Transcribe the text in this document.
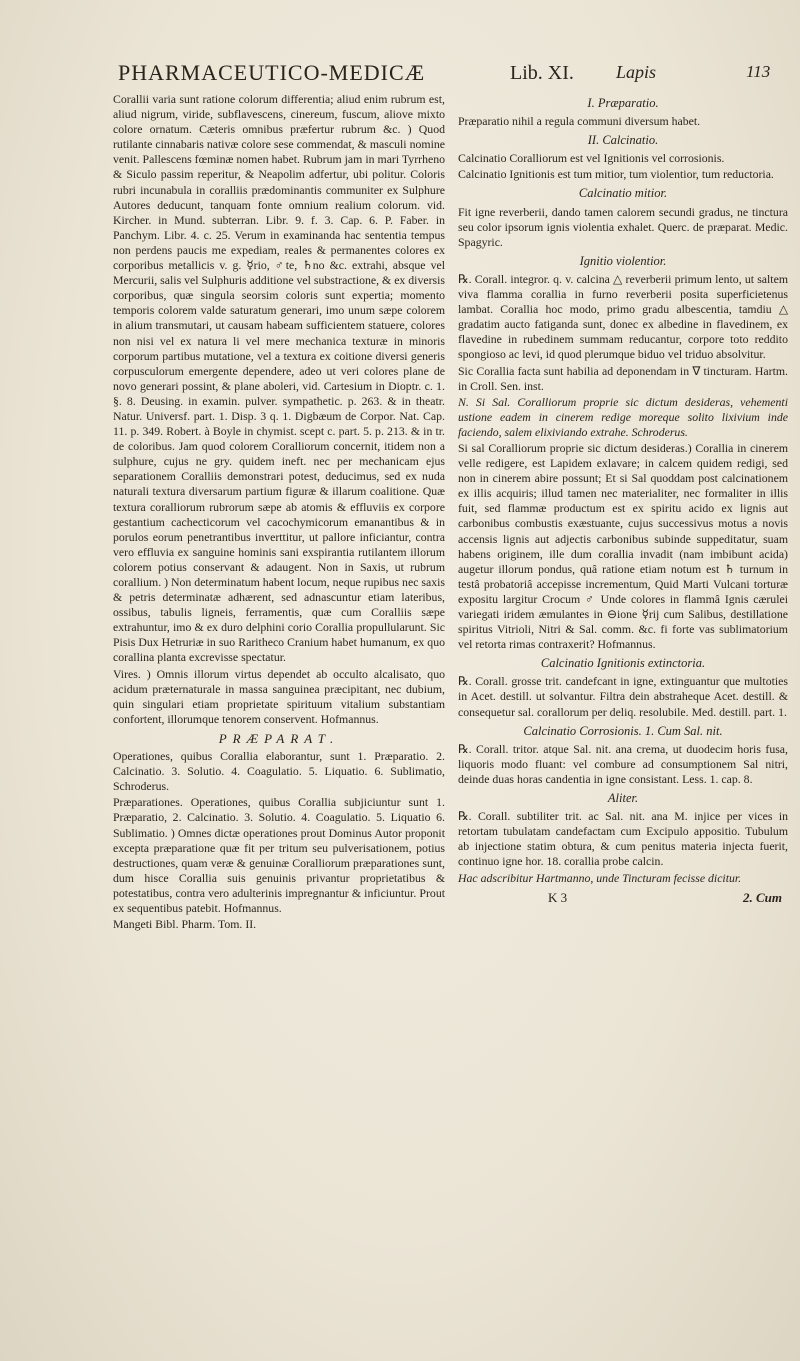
PHARMACEUTICO-MEDICÆ	Lib. XI. Lapis	113

Corallii varia sunt ratione colorum differentia; aliud enim rubrum est, aliud nigrum, viride, subflavescens, cinereum, fuscum, aliove mixto colore ornatum. Cæteris omnibus præfertur rubrum &c. ) Quod rutilante cinnabaris nativæ colore sese commendat, & masculi nomine venit. Pallescens fœminæ nomen habet. Rubrum jam in mari Tyrrheno & Siculo passim reperitur, & Neapolim adfertur, ubi politur. Coloris rubri incunabula in coralliis prædominantis communiter ex Sulphure Autores deducunt, tanquam fonte omnium realium colorum. vid. Kircher. in Mund. subterran. Libr. 9. f. 3. Cap. 6. P. Faber. in Panchym. Libr. 4. c. 25. Verum in examinanda hac sententia tempus non perdens paucis me expediam, reales & permanentes colores ex corporibus metallicis v. g. ☿rio, ♂te, ♄no &c. extrahi, absque vel Mercurii, salis vel Sulphuris additione vel substractione, & ex diversis corporibus, quæ singula seorsim coloris sunt expertia; momento temporis colorem valde saturatum generari, imo unum sæpe colorem in alium transmutari, ut causam habeam sufficientem statuere, colores non nisi vel ex natura li vel mere mechanica texturæ in minoris corporum partibus mutatione, vel a textura ex coitione diversi generis corpusculorum emergente dependere, adeo ut veri colores plane de novo generari possint, & plane aboleri, vid. Cartesium in Dioptr. c. 1. §. 8. Deusing. in examin. pulver. sympathetic. p. 263. & in theatr. Natur. Universf. part. 1. Disp. 3 q. 1. Digbæum de Corpor. Nat. Cap. 11. p. 349. Robert. à Boyle in chymist. scept c. part. 5. p. 213. & in tr. de coloribus. Jam quod colorem Coralliorum concernit, itidem non a sulphure, cujus ne gry. quidem ineft. nec per mechanicam ejus separationem Coralliis demonstrari potest, deducimus, sed ex nuda naturali textura diversarum partium figuræ & illarum coalitione. Quæ textura coralliorum rubrorum sæpe ab atomis & effluviis ex corpore gestantium cachecticorum vel cacochymicorum emanantibus & in porulos eorum penetrantibus inverttitur, ut pallore inficiantur, contra vero effluvia ex sanguine hominis sani exspirantia rutilantem illorum colorem potius conservant & adaugent. Non in Saxis, ut rubrum corallium. ) Non determinatum habent locum, neque rupibus nec saxis & petris determinatæ adhærent, sed adnascuntur etiam lateribus, ossibus, tabulis ligneis, ferramentis, quæ cum Coralliis sæpe extrahuntur, imo & ex duro delphini corio Corallia propullularunt. Sic Pisis Dux Hetruriæ in suo Raritheco Cranium habet humanum, ex quo corallina planta excrevisse spectatur.

Vires. ) Omnis illorum virtus dependet ab occulto alcalisato, quo acidum præternaturale in massa sanguinea præcipitant, nec dubium, quin singulari etiam proprietate spirituum vitalium substantiam confortent, illorumque tenorem conservent. Hofmannus.

PRÆPARAT.

Operationes, quibus Corallia elaborantur, sunt 1. Præparatio. 2. Calcinatio. 3. Solutio. 4. Coagulatio. 5. Liquatio. 6. Sublimatio, Schroderus.

Præparationes. Operationes, quibus Corallia subjiciuntur sunt 1. Præparatio, 2. Calcinatio. 3. Solutio. 4. Coagulatio. 5. Liquatio 6. Sublimatio. ) Omnes dictæ operationes prout Dominus Autor proponit excepta præparatione quæ fit per tritum seu pulverisationem, potius destructiones, quam veræ & genuinæ Coralliorum præparationes sunt, dum hisce Corallia suis genuinis privantur proprietatibus & potestatibus, contra vero adulterinis impregnantur & inficiuntur. Prout ex sequentibus patebit. Hofmannus.

Mangeti Bibl. Pharm. Tom. II.

I. Præparatio.

Præparatio nihil a regula communi diversum habet.

II. Calcinatio.

Calcinatio Coralliorum est vel Ignitionis vel corrosionis.

Calcinatio Ignitionis est tum mitior, tum violentior, tum reductoria.

Calcinatio mitior.

Fit igne reverberii, dando tamen calorem secundi gradus, ne tinctura seu color ipsorum ignis violentia exhalet. Querc. de præparat. Medic. Spagyric.

Ignitio violentior.

℞. Corall. integror. q. v. calcina △ reverberii primum lento, ut saltem viva flamma corallia in furno reverberii posita superficietenus lambat. Corallia hoc modo, primo gradu albescentia, tamdiu △ gradatim aucto fatiganda sunt, donec ex albedine in flavedinem, ex flavedine in rubedinem summam reducantur, corpore toto reddito spongioso ac levi, id quod plerumque biduo vel triduo absolvitur.

Sic Corallia facta sunt habilia ad deponendam in ∇ tincturam. Hartm. in Croll. Sen. inst.

N. Si Sal. Coralliorum proprie sic dictum desideras, vehementi ustione eadem in cinerem redige moreque solito lixivium inde faciendo, salem elixiviando extrahe. Schroderus.

Si sal Coralliorum proprie sic dictum desideras.) Corallia in cinerem velle redigere, est Lapidem exlavare; in calcem quidem redigi, sed non in cinerem abire possunt; Et si Sal quoddam post calcinationem ex illis acquiris; illud tamen nec materialiter, nec formaliter in illis fuit, sed flammæ productum est ex spiritu acido ex lignis aut carbonibus combustis exæstuante, cujus successivus motus a novis accensis lignis aut adjectis carbonibus subinde suppeditatur, suam habens originem, ille dum corallia invadit (nam imbibunt acida) augetur illorum pondus, quâ ratione etiam notum est ♄ turnum in testâ probatoriâ accepisse incrementum, Quid Marti Vulcani torturæ expositu largitur Crocum ♂ Unde colores in flammâ Ignis cærulei variegati iridem æmulantes in ⊖ione ☿rij cum Salibus, destillatione spiritus Vitrioli, Nitri & Sal. comm. &c. fi forte vas sublimatorium vel retorta rimas contraxerit? Hofmannus.

Calcinatio Ignitionis extinctoria.

℞. Corall. grosse trit. candefcant in igne, extinguantur que multoties in Acet. destill. ut solvantur. Filtra dein abstraheque Acet. destill. & consequetur sal. corallorum per deliq. resolubile. Med. destill. part. 1.

Calcinatio Corrosionis. 1. Cum Sal. nit.

℞. Corall. tritor. atque Sal. nit. ana crema, ut duodecim horis fusa, liquoris modo fluant: vel combure ad consumptionem Sal nitri, deinde duas horas candentia in igne consistant. Less. 1. cap. 8.

Aliter.

℞. Corall. subtiliter trit. ac Sal. nit. ana M. injice per vices in retortam tubulatam candefactam cum Excipulo appositio. Tubulum ab injectione statim obtura, & cum penitus materia injecta fuerit, continuo igne hor. 18. corallia probe calcin.

Hac adscribitur Hartmanno, unde Tincturam fecisse dicitur.

K 3	2. Cum
